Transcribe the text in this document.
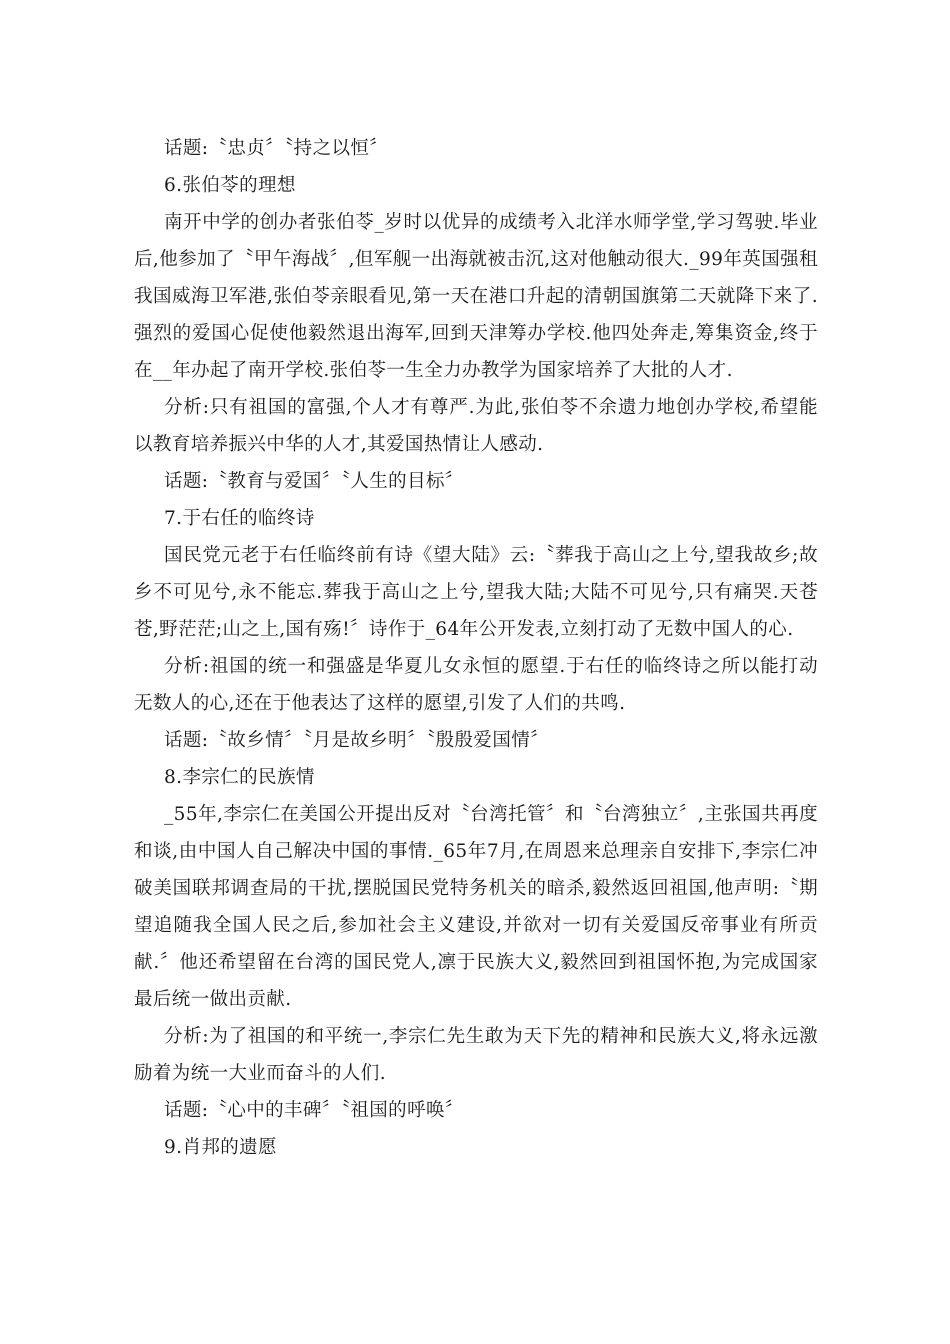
话题:〝忠贞〞〝持之以恒〞

6.张伯苓的理想

南开中学的创办者张伯苓_岁时以优异的成绩考入北洋水师学堂,学习驾驶.毕业后,他参加了〝甲午海战〞,但军舰一出海就被击沉,这对他触动很大._99年英国强租我国威海卫军港,张伯苓亲眼看见,第一天在港口升起的清朝国旗第二天就降下来了.强烈的爱国心促使他毅然退出海军,回到天津筹办学校.他四处奔走,筹集资金,终于在__年办起了南开学校.张伯苓一生全力办教学为国家培养了大批的人才.

分析:只有祖国的富强,个人才有尊严.为此,张伯苓不余遗力地创办学校,希望能以教育培养振兴中华的人才,其爱国热情让人感动.

话题:〝教育与爱国〞〝人生的目标〞

7.于右任的临终诗

国民党元老于右任临终前有诗《望大陆》云:〝葬我于高山之上兮,望我故乡;故乡不可见兮,永不能忘.葬我于高山之上兮,望我大陆;大陆不可见兮,只有痛哭.天苍苍,野茫茫;山之上,国有殇!〞诗作于_64年公开发表,立刻打动了无数中国人的心.

分析:祖国的统一和强盛是华夏儿女永恒的愿望.于右任的临终诗之所以能打动无数人的心,还在于他表达了这样的愿望,引发了人们的共鸣.

话题:〝故乡情〞〝月是故乡明〞〝殷殷爱国情〞

8.李宗仁的民族情

_55年,李宗仁在美国公开提出反对〝台湾托管〞和〝台湾独立〞,主张国共再度和谈,由中国人自己解决中国的事情._65年7月,在周恩来总理亲自安排下,李宗仁冲破美国联邦调查局的干扰,摆脱国民党特务机关的暗杀,毅然返回祖国,他声明:〝期望追随我全国人民之后,参加社会主义建设,并欲对一切有关爱国反帝事业有所贡献.〞他还希望留在台湾的国民党人,凛于民族大义,毅然回到祖国怀抱,为完成国家最后统一做出贡献.

分析:为了祖国的和平统一,李宗仁先生敢为天下先的精神和民族大义,将永远激励着为统一大业而奋斗的人们.

话题:〝心中的丰碑〞〝祖国的呼唤〞

9.肖邦的遗愿
